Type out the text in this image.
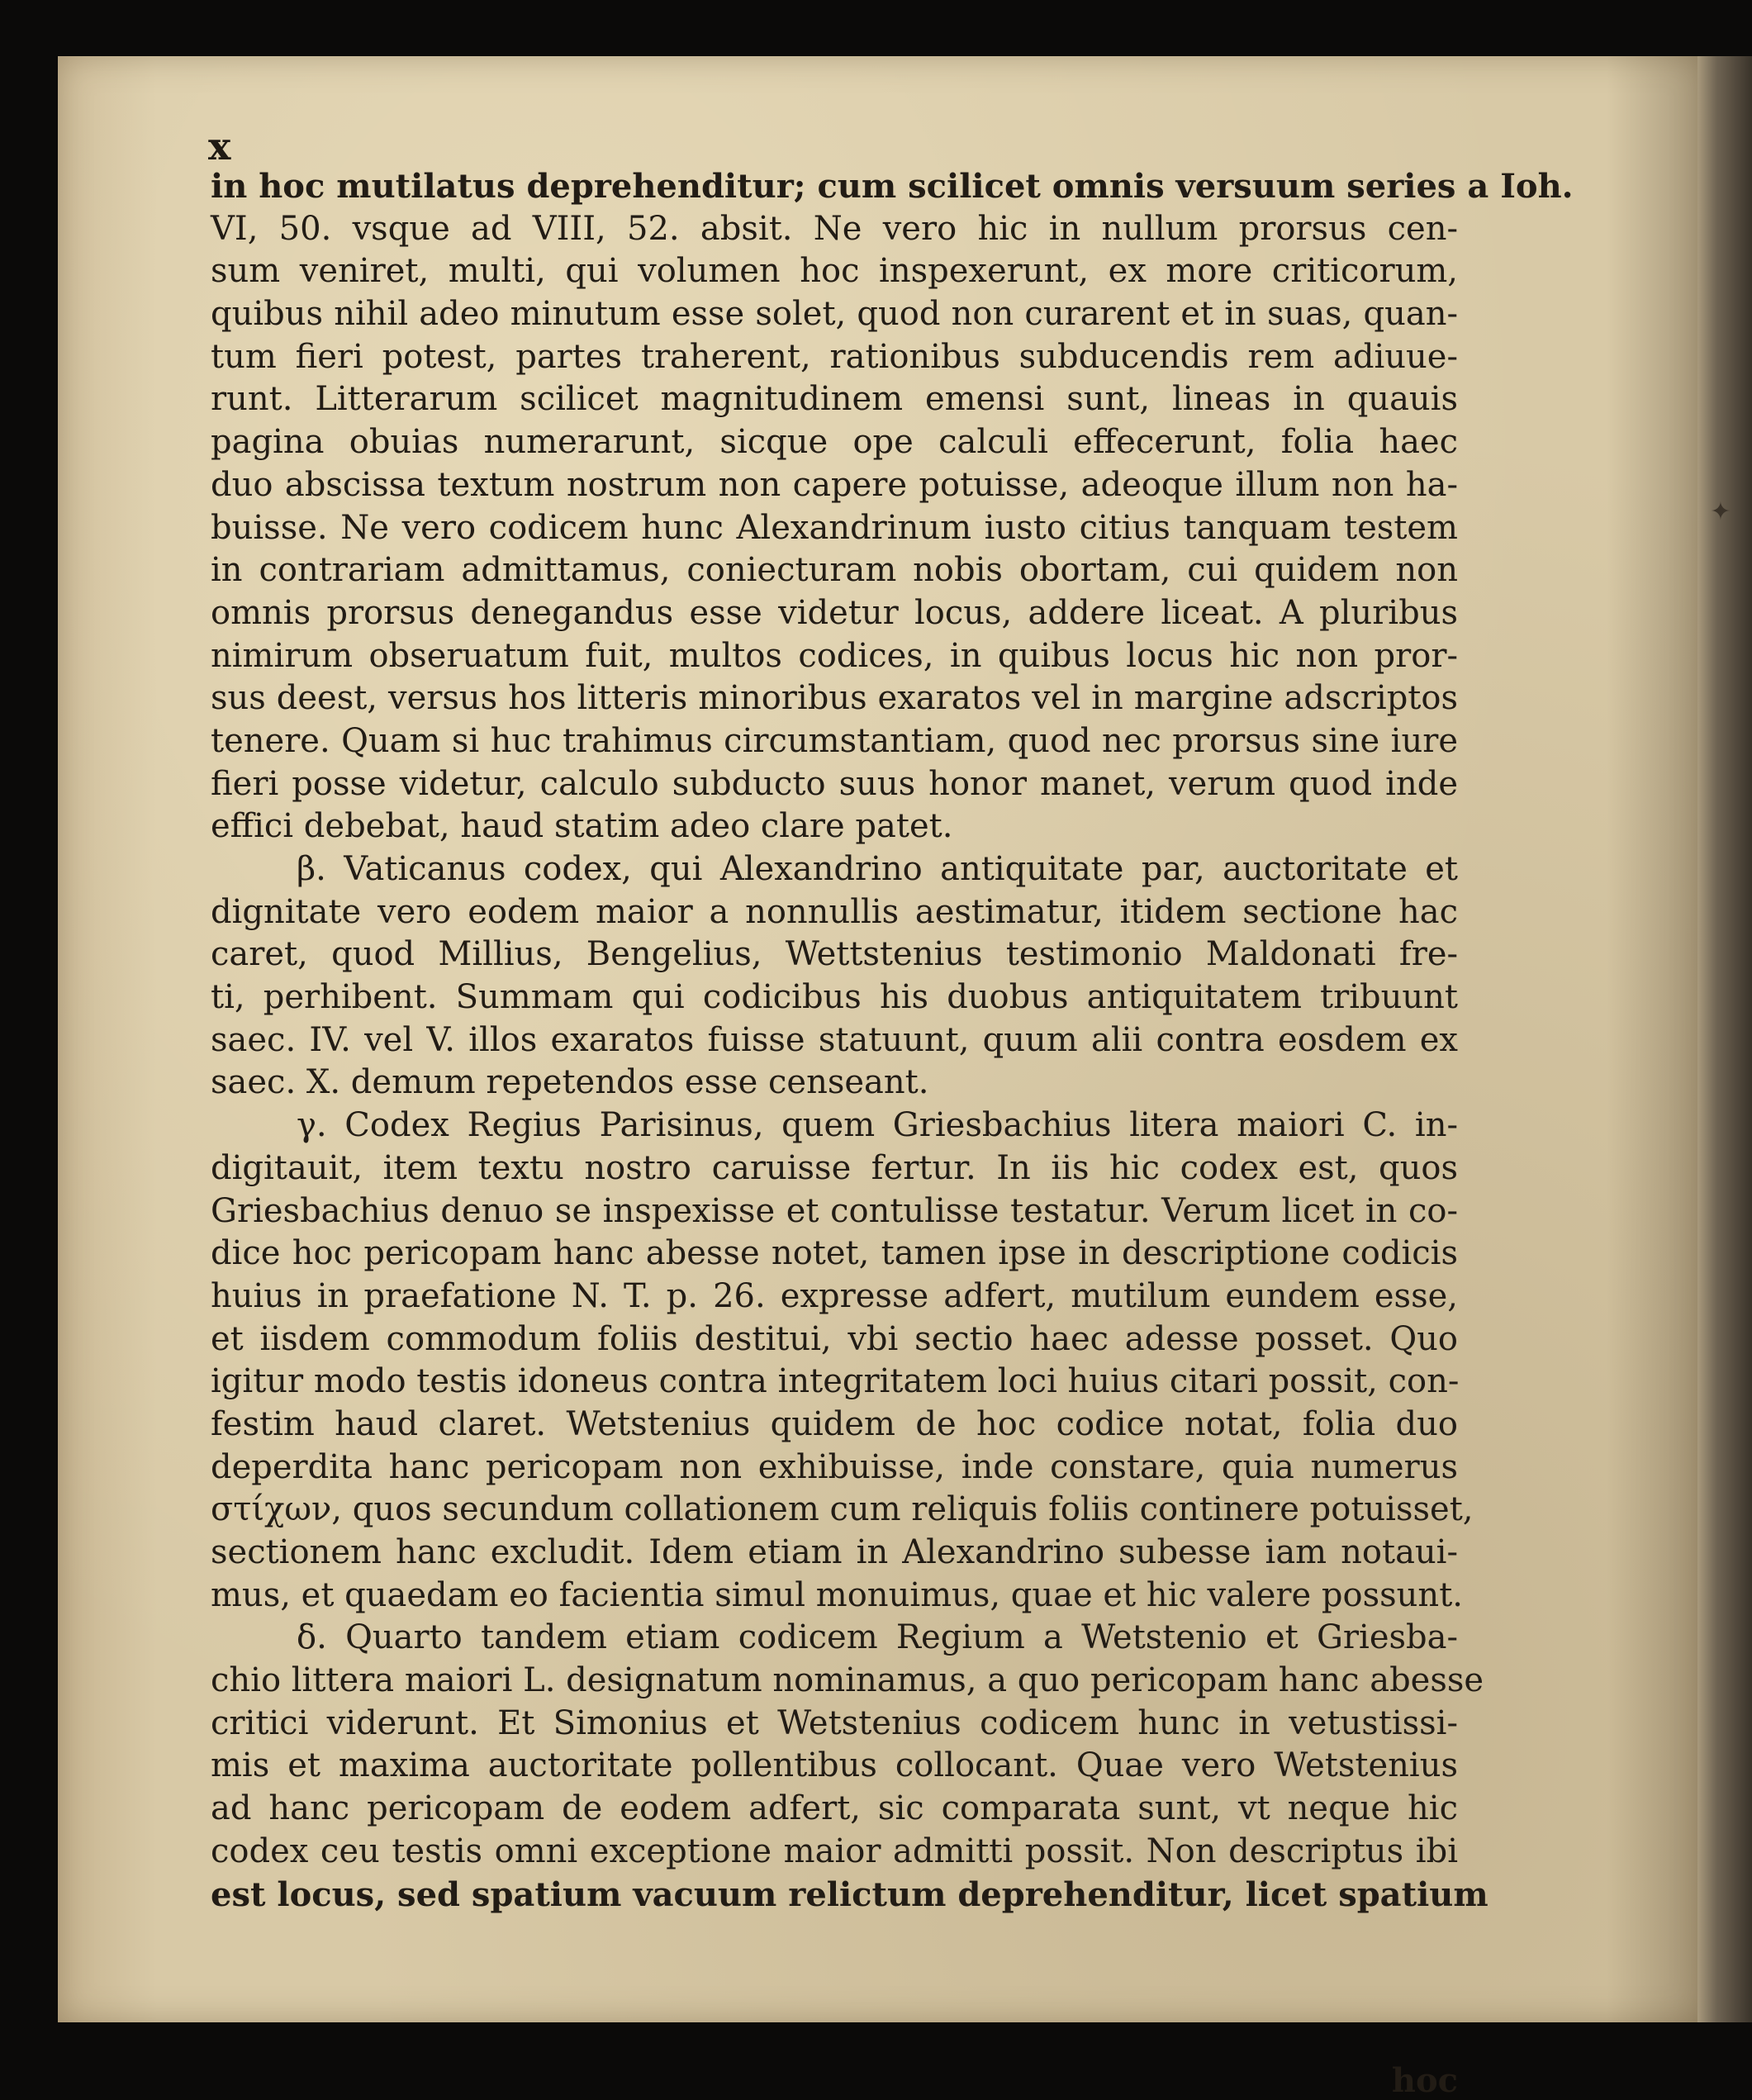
✦
x
in hoc mutilatus deprehenditur; cum scilicet omnis versuum series a Ioh.
VI, 50. vsque ad VIII, 52. absit. Ne vero hic in nullum prorsus cen-
sum veniret, multi, qui volumen hoc inspexerunt, ex more criticorum,
quibus nihil adeo minutum esse solet, quod non curarent et in suas, quan-
tum fieri potest, partes traherent, rationibus subducendis rem adiuue-
runt. Litterarum scilicet magnitudinem emensi sunt, lineas in quauis
pagina obuias numerarunt, sicque ope calculi effecerunt, folia haec
duo abscissa textum nostrum non capere potuisse, adeoque illum non ha-
buisse. Ne vero codicem hunc Alexandrinum iusto citius tanquam testem
in contrariam admittamus, coniecturam nobis obortam, cui quidem non
omnis prorsus denegandus esse videtur locus, addere liceat. A pluribus
nimirum obseruatum fuit, multos codices, in quibus locus hic non pror-
sus deest, versus hos litteris minoribus exaratos vel in margine adscriptos
tenere. Quam si huc trahimus circumstantiam, quod nec prorsus sine iure
fieri posse videtur, calculo subducto suus honor manet, verum quod inde
effici debebat, haud statim adeo clare patet.
β. Vaticanus codex, qui Alexandrino antiquitate par, auctoritate et
dignitate vero eodem maior a nonnullis aestimatur, itidem sectione hac
caret, quod Millius, Bengelius, Wettstenius testimonio Maldonati fre-
ti, perhibent. Summam qui codicibus his duobus antiquitatem tribuunt
saec. IV. vel V. illos exaratos fuisse statuunt, quum alii contra eosdem ex
saec. X. demum repetendos esse censeant.
γ. Codex Regius Parisinus, quem Griesbachius litera maiori C. in-
digitauit, item textu nostro caruisse fertur. In iis hic codex est, quos
Griesbachius denuo se inspexisse et contulisse testatur. Verum licet in co-
dice hoc pericopam hanc abesse notet, tamen ipse in descriptione codicis
huius in praefatione N. T. p. 26. expresse adfert, mutilum eundem esse,
et iisdem commodum foliis destitui, vbi sectio haec adesse posset. Quo
igitur modo testis idoneus contra integritatem loci huius citari possit, con-
festim haud claret. Wetstenius quidem de hoc codice notat, folia duo
deperdita hanc pericopam non exhibuisse, inde constare, quia numerus
στίχων, quos secundum collationem cum reliquis foliis continere potuisset,
sectionem hanc excludit. Idem etiam in Alexandrino subesse iam notaui-
mus, et quaedam eo facientia simul monuimus, quae et hic valere possunt.
δ. Quarto tandem etiam codicem Regium a Wetstenio et Griesba-
chio littera maiori L. designatum nominamus, a quo pericopam hanc abesse
critici viderunt. Et Simonius et Wetstenius codicem hunc in vetustissi-
mis et maxima auctoritate pollentibus collocant. Quae vero Wetstenius
ad hanc pericopam de eodem adfert, sic comparata sunt, vt neque hic
codex ceu testis omni exceptione maior admitti possit. Non descriptus ibi
est locus, sed spatium vacuum relictum deprehenditur, licet spatium
hoc
